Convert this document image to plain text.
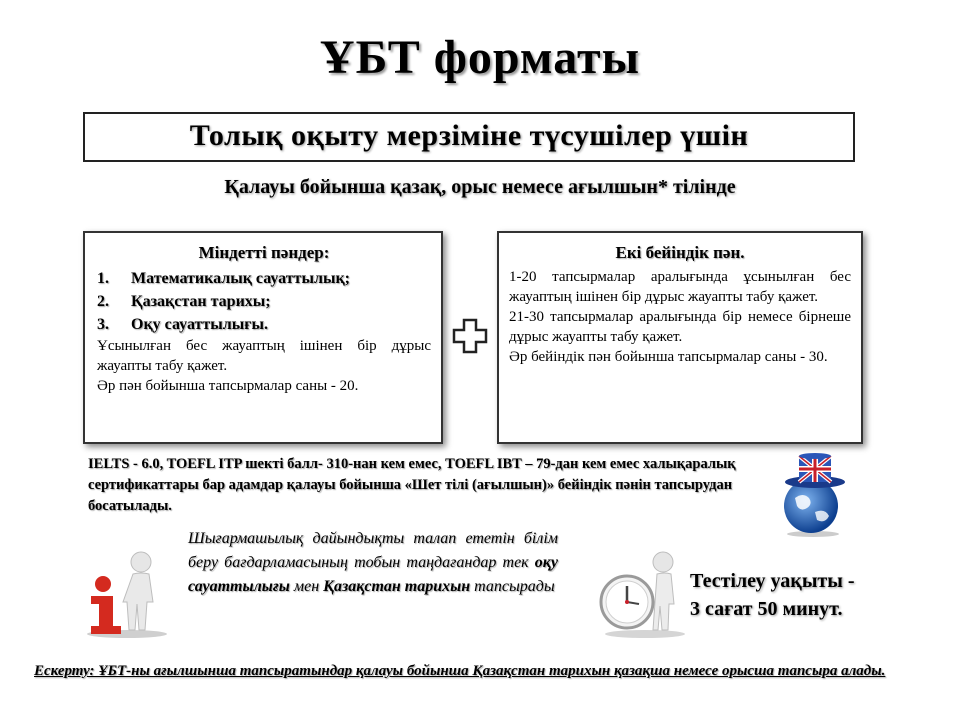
ҰБТ форматы
Толық оқыту мерзіміне түсушілер үшін
Қалауы бойынша қазақ, орыс немесе ағылшын* тілінде
Міндетті пәндер:
1.	Математикалық сауаттылық;
2.	Қазақстан тарихы;
3.	Оқу сауаттылығы.
Ұсынылған бес жауаптың ішінен бір дұрыс жауапты табу қажет.
Әр пән бойынша тапсырмалар саны - 20.
Екі бейіндік пән.
1-20 тапсырмалар аралығында ұсынылған бес жауаптың ішінен бір дұрыс жауапты табу қажет.
21-30 тапсырмалар аралығында бір немесе бірнеше дұрыс жауапты табу қажет.
Әр бейіндік пән бойынша тапсырмалар саны - 30.
IELTS - 6.0, TOEFL ITP шекті балл- 310-нан кем емес, TOEFL IBT – 79-дан кем емес халықаралық сертификаттары бар адамдар қалауы бойынша «Шет тілі (ағылшын)» бейіндік пәнін тапсырудан босатылады.
Шығармашылық дайындықты талап ететін білім беру бағдарламасының тобын таңдағандар тек оқу сауаттылығы мен Қазақстан тарихын тапсырады	Тестілеу уақыты -
3 сағат 50 минут.
Ескерту: ҰБТ-ны ағылшынша тапсыратындар қалауы бойынша Қазақстан тарихын қазақша немесе орысша тапсыра алады.
